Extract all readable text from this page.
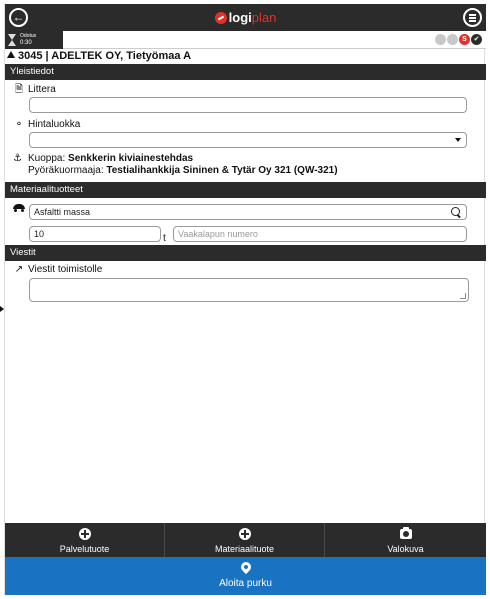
←	logiplan
Odotus
0:30	S ✔
3045 | ADELTEK OY, Tietyömaa A
Yleistiedot
🗎 Littera
⚬ Hintaluokka
⚓ Kuoppa: Senkkerin kiviainestehdas
Pyöräkuormaaja: Testialihankkija Sininen & Tytär Oy 321 (QW-321)
Materiaalituotteet
Asfaltti massa
10	t	Vaakalapun numero
Viestit
↗ Viestit toimistolle
Palvelutuote	Materiaalituote	Valokuva
Aloita purku
